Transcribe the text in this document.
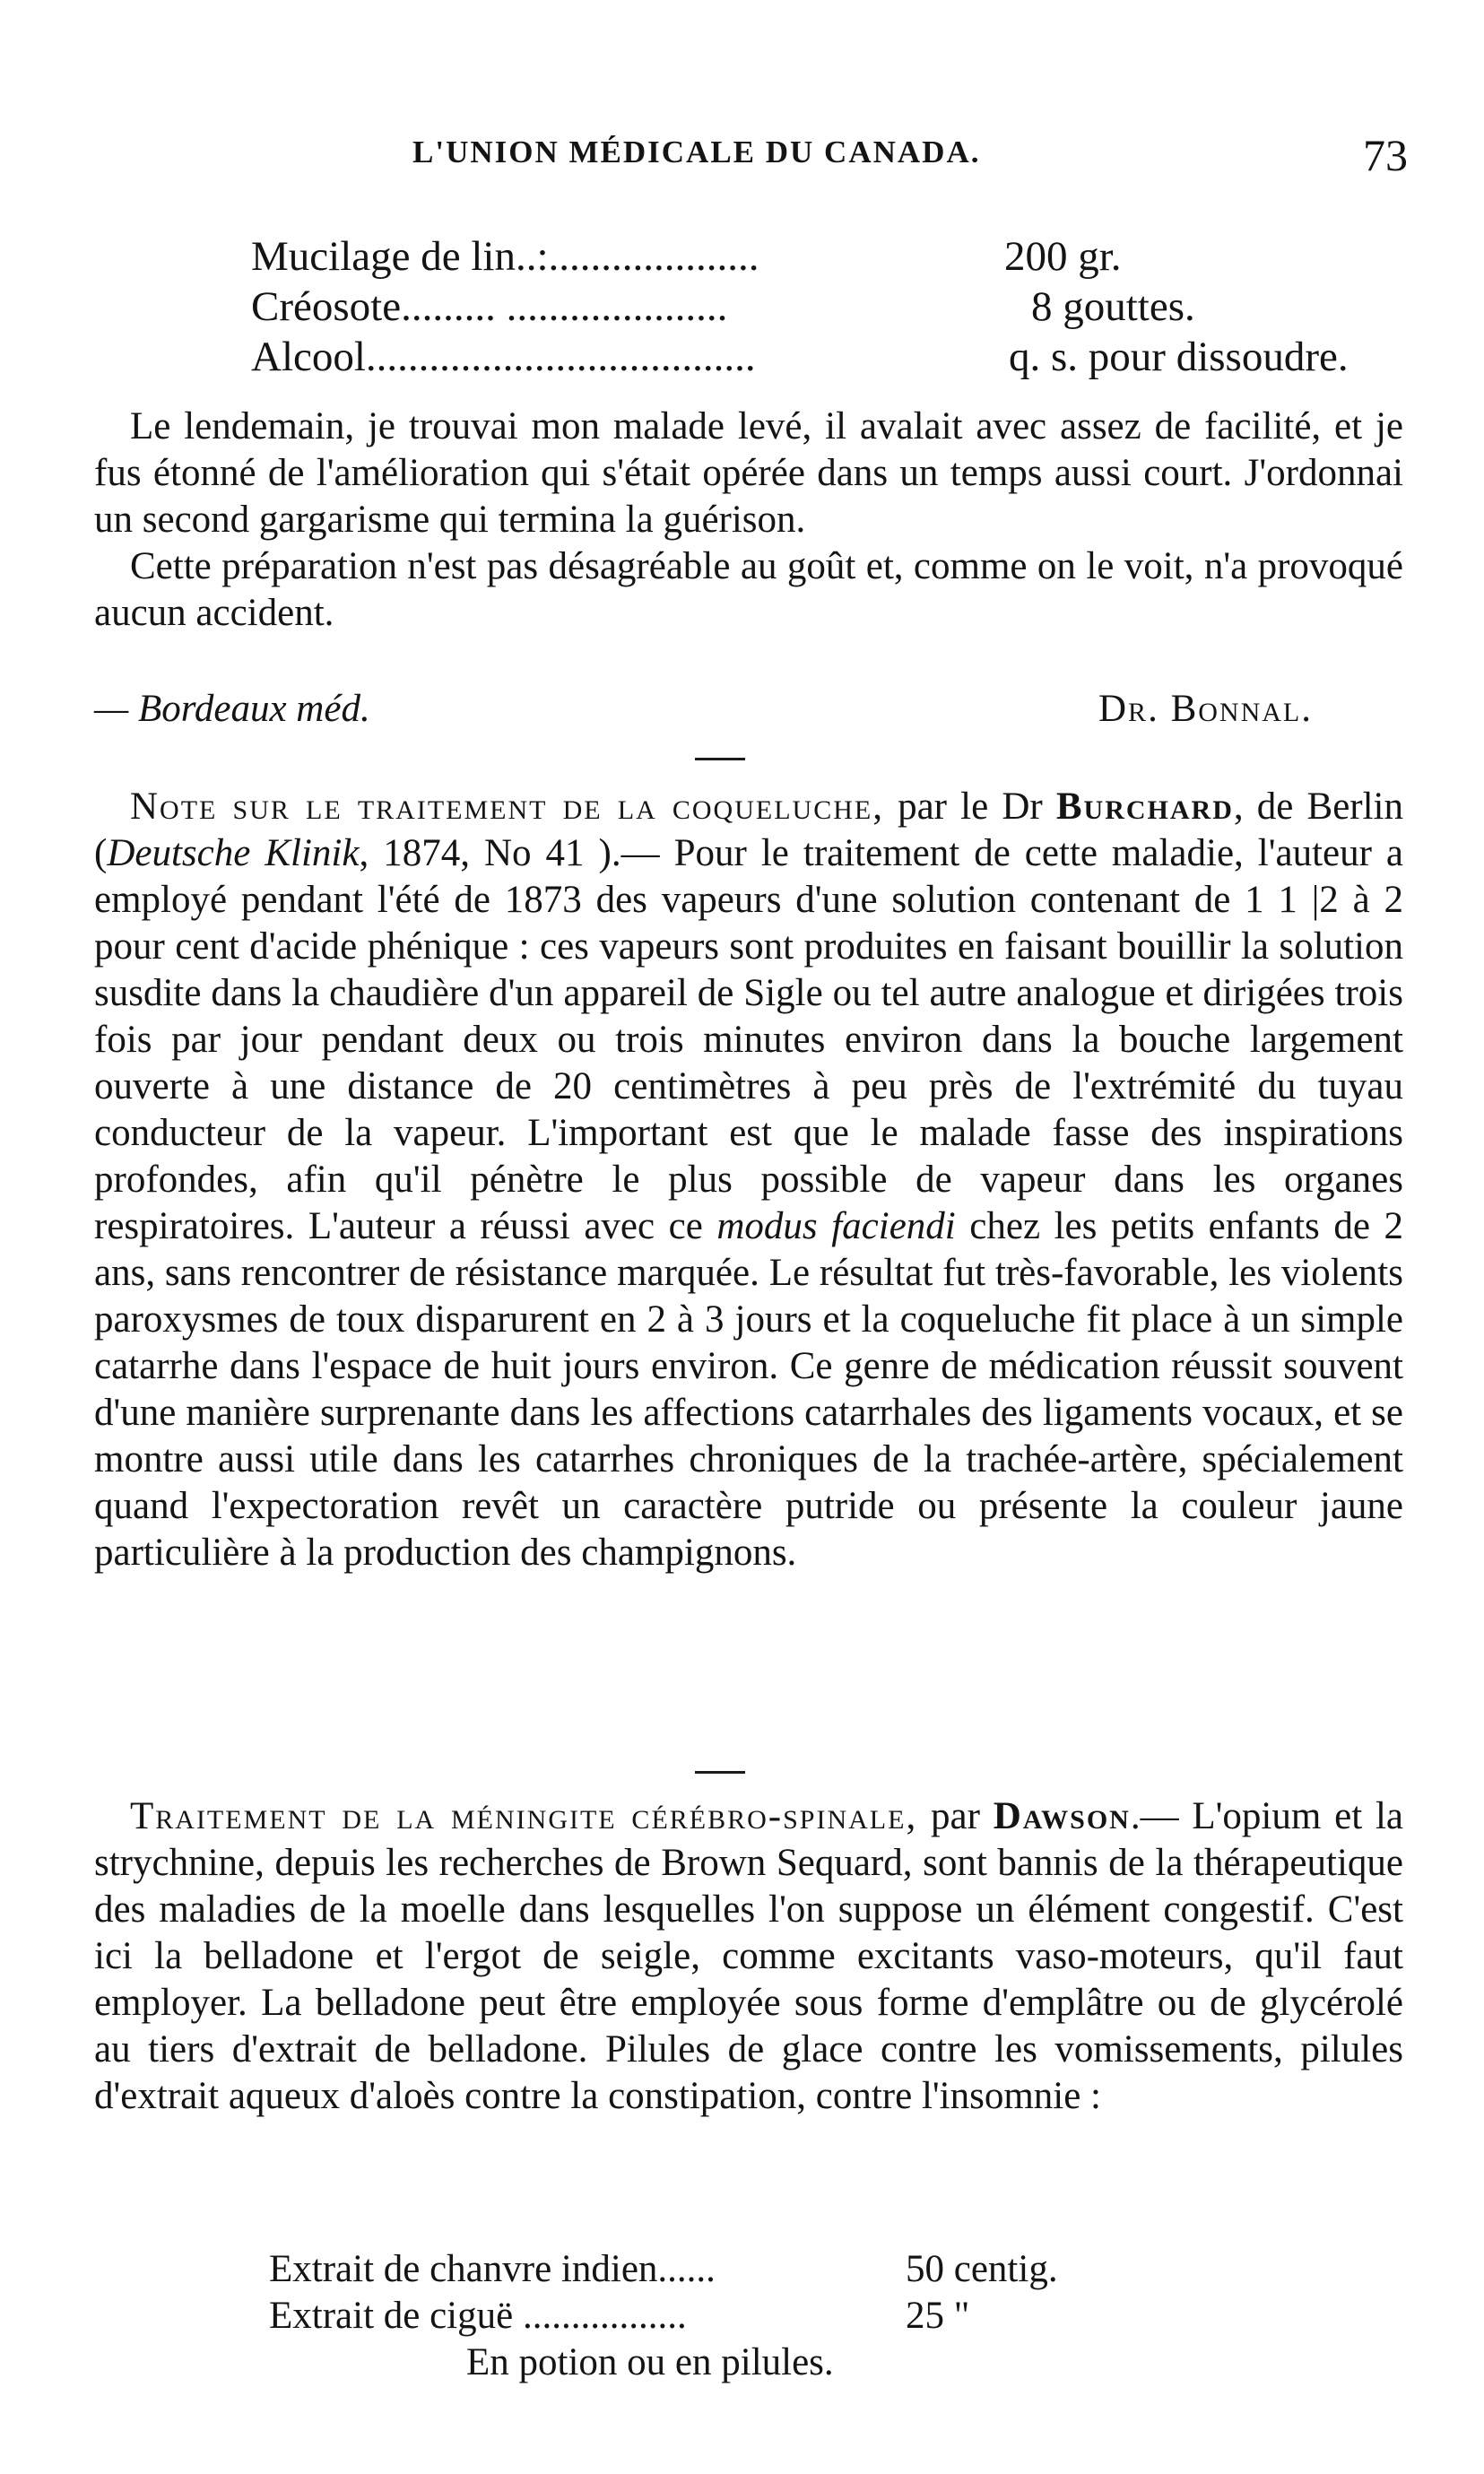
L'UNION MÉDICALE DU CANADA.	73
Mucilage de lin..:....................	200 gr.
Créosote......... .....................	8 gouttes.
Alcool.....................................	q. s. pour dissoudre.

Le lendemain, je trouvai mon malade levé, il avalait avec assez de facilité, et je fus étonné de l'amélioration qui s'était opérée dans un temps aussi court. J'ordonnai un second gargarisme qui termina la guérison.

Cette préparation n'est pas désagréable au goût et, comme on le voit, n'a provoqué aucun accident.

— Bordeaux méd.	Dr. Bonnal.

Note sur le traitement de la coqueluche, par le Dr Burchard, de Berlin (Deutsche Klinik, 1874, No 41 ).— Pour le traitement de cette maladie, l'auteur a employé pendant l'été de 1873 des vapeurs d'une solution contenant de 1 1 |2 à 2 pour cent d'acide phénique : ces vapeurs sont produites en faisant bouillir la solution susdite dans la chaudière d'un appareil de Sigle ou tel autre analogue et dirigées trois fois par jour pendant deux ou trois minutes environ dans la bouche largement ouverte à une distance de 20 centimètres à peu près de l'extrémité du tuyau conducteur de la vapeur. L'important est que le malade fasse des inspirations profondes, afin qu'il pénètre le plus possible de vapeur dans les organes respiratoires. L'auteur a réussi avec ce modus faciendi chez les petits enfants de 2 ans, sans rencontrer de résistance marquée. Le résultat fut très-favorable, les violents paroxysmes de toux disparurent en 2 à 3 jours et la coqueluche fit place à un simple catarrhe dans l'espace de huit jours environ. Ce genre de médication réussit souvent d'une manière surprenante dans les affections catarrhales des ligaments vocaux, et se montre aussi utile dans les catarrhes chroniques de la trachée-artère, spécialement quand l'expectoration revêt un caractère putride ou présente la couleur jaune particulière à la production des champignons.

Traitement de la méningite cérébro-spinale, par Dawson.— L'opium et la strychnine, depuis les recherches de Brown Sequard, sont bannis de la thérapeutique des maladies de la moelle dans lesquelles l'on suppose un élément congestif. C'est ici la belladone et l'ergot de seigle, comme excitants vaso-moteurs, qu'il faut employer. La belladone peut être employée sous forme d'emplâtre ou de glycérolé au tiers d'extrait de belladone. Pilules de glace contre les vomissements, pilules d'extrait aqueux d'aloès contre la constipation, contre l'insomnie :

Extrait de chanvre indien......	50 centig.
Extrait de ciguë .................	25 "
En potion ou en pilules.
